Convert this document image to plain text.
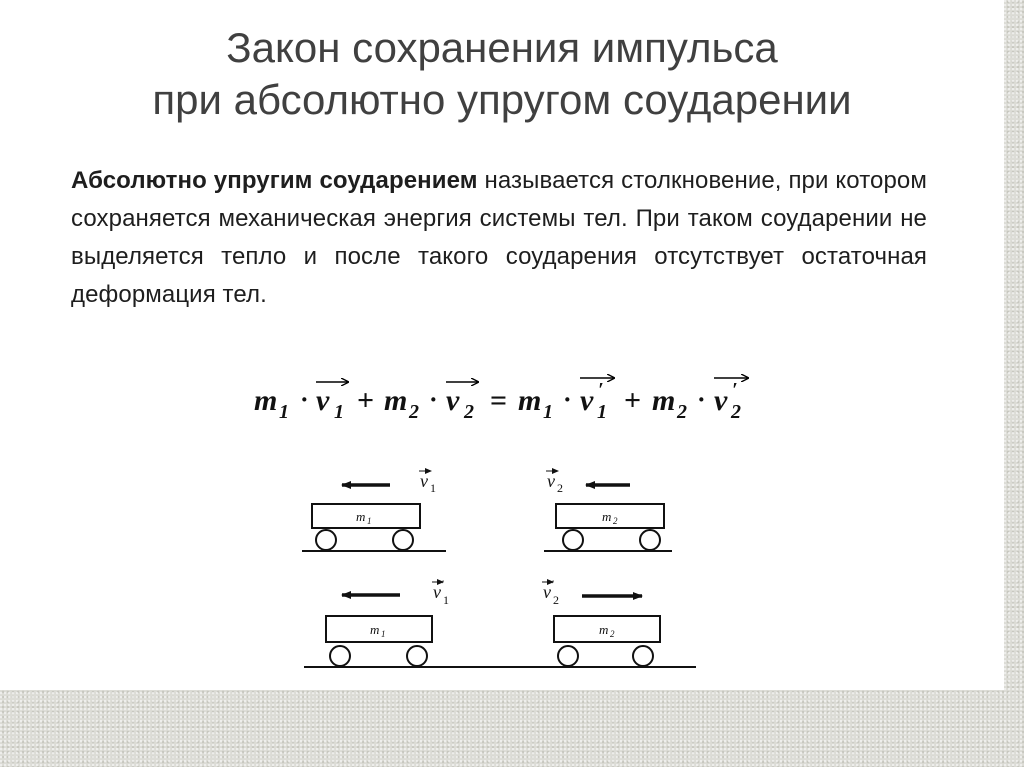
Закон сохранения импульса
при абсолютно упругом соударении
Абсолютно упругим соударением называется столкновение, при котором сохраняется механическая энергия системы тел. При таком соударении не выделяется тепло и после такого соударения отсутствует остаточная деформация тел.
m 1 · v 1 + m 2 · v 2 = m 1 · v ′
1 + m 2 · v ′
2
v 1	v 2
m 1	m 2
v ′
1	v ′
2
m 1	m 2
